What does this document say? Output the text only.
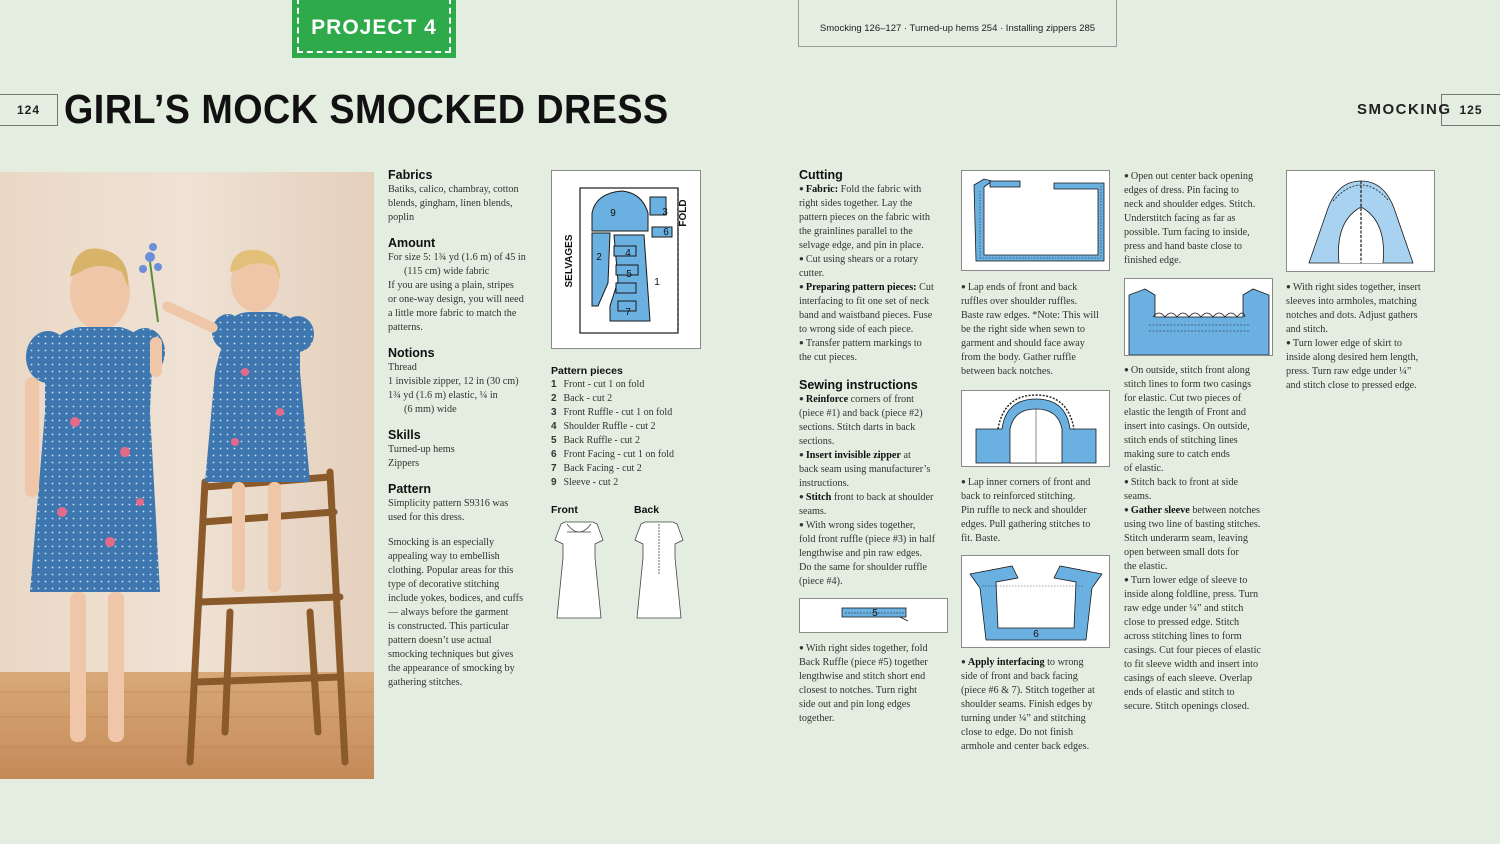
PROJECT 4	Smocking 126–127 · Turned-up hems 254 · Installing zippers 285
124	125
GIRL’S MOCK SMOCKED DRESS	SMOCKING
Fabrics

Batiks, calico, chambray, cotton

blends, gingham, linen blends,

poplin

Amount

For size 5: 1¾ yd (1.6 m) of 45 in

(115 cm) wide fabric

If you are using a plain, stripes

or one-way design, you will need

a little more fabric to match the

patterns.

Notions

Thread

1 invisible zipper, 12 in (30 cm)

1¾ yd (1.6 m) elastic, ¼ in

(6 mm) wide

Skills

Turned-up hems

Zippers

Pattern

Simplicity pattern S9316 was

used for this dress.

Smocking is an especially

appealing way to embellish

clothing. Popular areas for this

type of decorative stitching

include yokes, bodices, and cuffs

— always before the garment

is constructed. This particular

pattern doesn’t use actual

smocking techniques but gives

the appearance of smocking by

gathering stitches.

SELVAGES
FOLD
9	3
6
2 4
5
1
7
Pattern pieces
1 Front - cut 1 on fold
2 Back - cut 2
3 Front Ruffle - cut 1 on fold
4 Shoulder Ruffle - cut 2
5 Back Ruffle - cut 2
6 Front Facing - cut 1 on fold
7 Back Facing - cut 2
9 Sleeve - cut 2
Front	Back
Cutting

● Fabric: Fold the fabric with

right sides together. Lay the

pattern pieces on the fabric with

the grainlines parallel to the

selvage edge, and pin in place.

● Cut using shears or a rotary

cutter.

● Preparing pattern pieces: Cut

interfacing to fit one set of neck

band and waistband pieces. Fuse

to wrong side of each piece.

● Transfer pattern markings to

the cut pieces.

Sewing instructions

● Reinforce corners of front

(piece #1) and back (piece #2)

sections. Stitch darts in back

sections.

● Insert invisible zipper at

back seam using manufacturer’s

instructions.

● Stitch front to back at shoulder

seams.

● With wrong sides together,

fold front ruffle (piece #3) in half

lengthwise and pin raw edges.

Do the same for shoulder ruffle

(piece #4).

5

● With right sides together, fold

Back Ruffle (piece #5) together

lengthwise and stitch short end

closest to notches. Turn right

side out and pin long edges

together.

● Lap ends of front and back

ruffles over shoulder ruffles.

Baste raw edges. *Note: This will

be the right side when sewn to

garment and should face away

from the body. Gather ruffle

between back notches.

● Lap inner corners of front and

back to reinforced stitching.

Pin ruffle to neck and shoulder

edges. Pull gathering stitches to

fit. Baste.

6

● Apply interfacing to wrong

side of front and back facing

(piece #6 & 7). Stitch together at

shoulder seams. Finish edges by

turning under ¼” and stitching

close to edge. Do not finish

armhole and center back edges.

● Open out center back opening

edges of dress. Pin facing to

neck and shoulder edges. Stitch.

Understitch facing as far as

possible. Turn facing to inside,

press and hand baste close to

finished edge.

● On outside, stitch front along

stitch lines to form two casings

for elastic. Cut two pieces of

elastic the length of Front and

insert into casings. On outside,

stitch ends of stitching lines

making sure to catch ends

of elastic.

● Stitch back to front at side

seams.

● Gather sleeve between notches

using two line of basting stitches.

Stitch underarm seam, leaving

open between small dots for

the elastic.

● Turn lower edge of sleeve to

inside along foldline, press. Turn

raw edge under ¼” and stitch

close to pressed edge. Stitch

across stitching lines to form

casings. Cut four pieces of elastic

to fit sleeve width and insert into

casings of each sleeve. Overlap

ends of elastic and stitch to

secure. Stitch openings closed.

● With right sides together, insert

sleeves into armholes, matching

notches and dots. Adjust gathers

and stitch.

● Turn lower edge of skirt to

inside along desired hem length,

press. Turn raw edge under ¼”

and stitch close to pressed edge.
